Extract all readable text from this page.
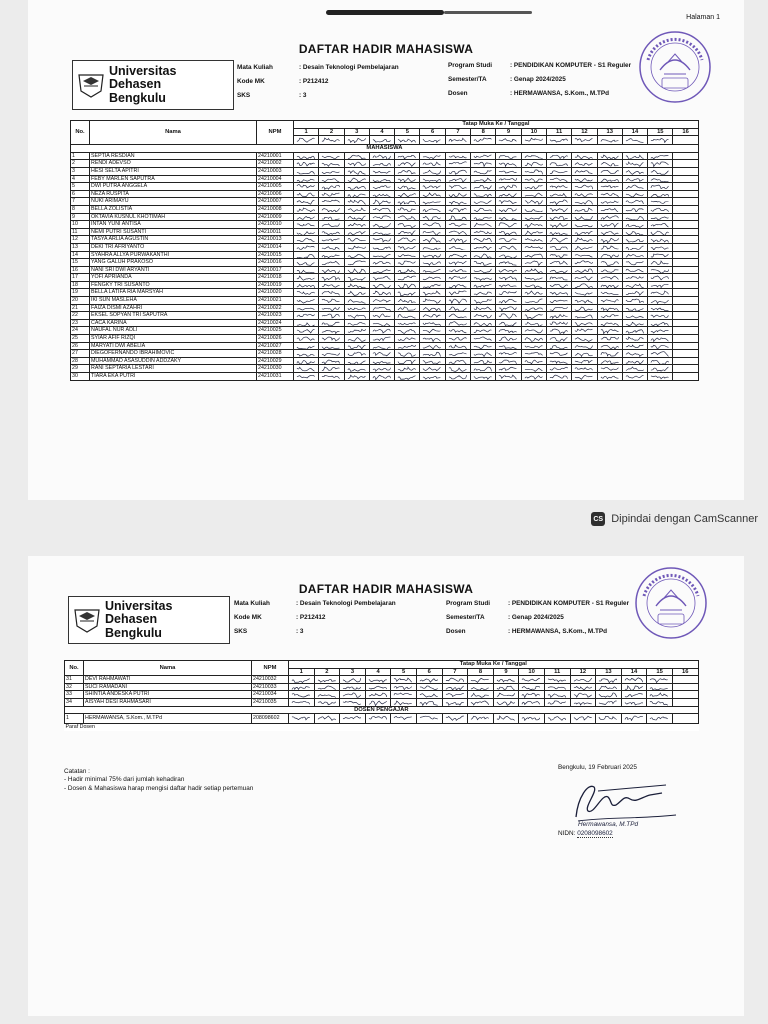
Halaman 1
DAFTAR HADIR MAHASISWA
Universitas
Dehasen
Bengkulu
Mata Kuliah	: Desain Teknologi Pembelajaran
Kode MK	: P212412
SKS	: 3
Program Studi	: PENDIDIKAN KOMPUTER - S1 Reguler
Semester/TA	: Genap 2024/2025
Dosen	: HERMAWANSA, S.Kom., M.TPd
No.	Nama	NPM	Tatap Muka Ke / Tanggal															
			1	2	3	4	5	6	7	8	9	10	11	12	13	14	15	16

MAHASISWA																		
1	SEPTIA RESDIAN	24210001	

2	RENDI ADEVSO	24210002	

3	HESI SELTA APITRI	24210003	

4	FEBY MARLEN SAPUTRA	24210004	

5	DWI PUTRA ANGGELA	24210005	

6	NEZA RUSPITA	24210006	

7	NUKI ARIMAYU	24210007	

8	BELLA ZOLISTIA	24210008	

9	OKTAVIA KUSNUL KHOTIMAH	24210009	

10	INTAN YUNI ANTISA	24210010	

11	NEMI PUTRI SUSANTI	24210011	

12	TASYA ARLIA AGUSTIN	24210013	

13	DEKI TRI AFRIYANTO	24210014	

14	SYAHRA ALLYA PURWAKANTHI	24210015	

15	YANG GALUH PRAKOSO	24210016	

16	NANI SRI DWI ARYANTI	24210017	

17	YOFI APRIANDA	24210018	

18	FENGKY TRI SUSANTO	24210019	

19	BELLA LATIFA RIA MARSYAH	24210020	

20	IKI SUN MASLEHA	24210021	

21	FAIZA DISMI AZAHRI	24210022	

22	EKSEL SOPYAN TRI SAPUTRA	24210023	

23	CACA KARINA	24210024	

24	NAUFAL NUR ADLI	24210025	

25	SYIAR AFIF RIZQI	24210026	

26	MARYATI DWI ABELIA	24210027	

27	DIEGOFERNANDO IBRAHIMOVIC	24210028	

28	MUHAMMAD ASASUDDIN ADDZAKY	24210029	

29	RANI SEPTARIA LESTARI	24210030	

30	TIARA EKA PUTRI	24210031	

CS Dipindai dengan CamScanner
DAFTAR HADIR MAHASISWA
Universitas
Dehasen
Bengkulu
Mata Kuliah	: Desain Teknologi Pembelajaran
Kode MK	: P212412
SKS	: 3
Program Studi	: PENDIDIKAN KOMPUTER - S1 Reguler
Semester/TA	: Genap 2024/2025
Dosen	: HERMAWANSA, S.Kom., M.TPd
No.	Nama	NPM	Tatap Muka Ke / Tanggal															
			1	2	3	4	5	6	7	8	9	10	11	12	13	14	15	16
31	DEVI RAHMAWATI	24210032	

32	SUCI RAMADANI	24210033	

33	SHINTIA ANDESKA PUTRI	24210034	

34	AISYAH DESI RAHMASARI	24210035	

DOSEN PENGAJAR																		
1	HERMAWANSA, S.Kom., M.TPd	208098602	

Paraf Dosen																		
Catatan :
- Hadir minimal 75% dari jumlah kehadiran
- Dosen & Mahasiswa harap mengisi daftar hadir setiap pertemuan
Bengkulu, 19 Februari 2025
Hermawansa, M.TPd
NIDN: 0208098602
